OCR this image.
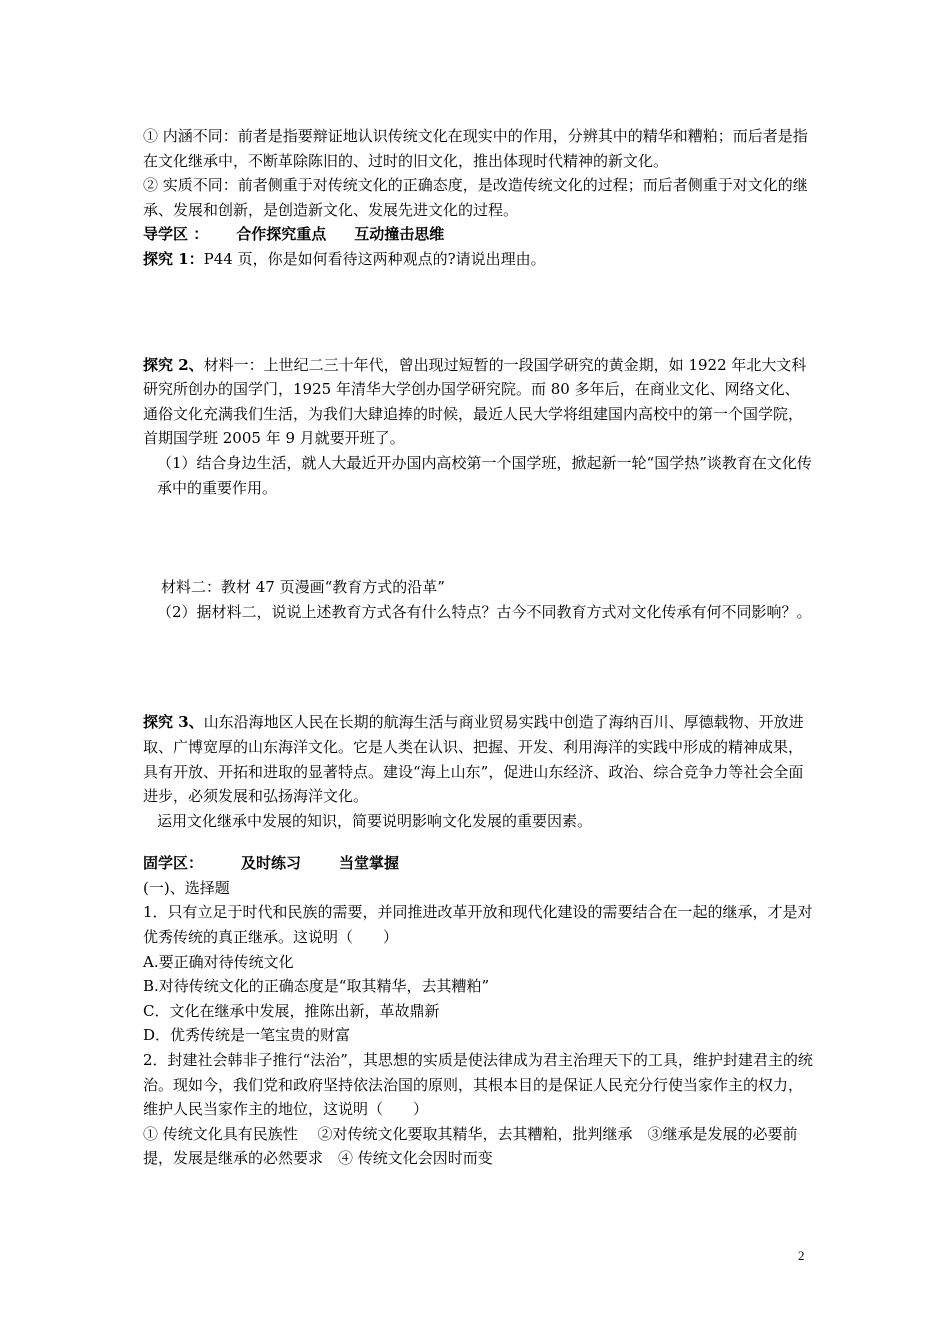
① 内涵不同：前者是指要辩证地认识传统文化在现实中的作用，分辨其中的精华和糟粕；而后者是指在文化继承中，不断革除陈旧的、过时的旧文化，推出体现时代精神的新文化。

② 实质不同：前者侧重于对传统文化的正确态度，是改造传统文化的过程；而后者侧重于对文化的继承、发展和创新，是创造新文化、发展先进文化的过程。

导学区 ： 合作探究重点 互动撞击思维

探究 1：P44 页，你是如何看待这两种观点的?请说出理由。

探究 2、材料一：上世纪二三十年代，曾出现过短暂的一段国学研究的黄金期，如 1922 年北大文科研究所创办的国学门，1925 年清华大学创办国学研究院。而 80 多年后，在商业文化、网络文化、通俗文化充满我们生活，为我们大肆追捧的时候，最近人民大学将组建国内高校中的第一个国学院，首期国学班 2005 年 9 月就要开班了。

（1）结合身边生活，就人大最近开办国内高校第一个国学班，掀起新一轮“国学热”谈教育在文化传承中的重要作用。

材料二：教材 47 页漫画“教育方式的沿革”

（2）据材料二，说说上述教育方式各有什么特点？古今不同教育方式对文化传承有何不同影响？。

探究 3、山东沿海地区人民在长期的航海生活与商业贸易实践中创造了海纳百川、厚德载物、开放进取、广博宽厚的山东海洋文化。它是人类在认识、把握、开发、利用海洋的实践中形成的精神成果，具有开放、开拓和进取的显著特点。建设“海上山东”，促进山东经济、政治、综合竞争力等社会全面进步，必须发展和弘扬海洋文化。

运用文化继承中发展的知识，简要说明影响文化发展的重要因素。

固学区：	及时练习	当堂掌握

(一)、选择题

1．只有立足于时代和民族的需要，并同推进改革开放和现代化建设的需要结合在一起的继承，才是对优秀传统的真正继承。这说明（　　）

A.要正确对待传统文化

B.对待传统文化的正确态度是“取其精华，去其糟粕”

C．文化在继承中发展，推陈出新，革故鼎新

D．优秀传统是一笔宝贵的财富

2．封建社会韩非子推行“法治”，其思想的实质是使法律成为君主治理天下的工具，维护封建君主的统治。现如今，我们党和政府坚持依法治国的原则，其根本目的是保证人民充分行使当家作主的权力，维护人民当家作主的地位，这说明（　　）

① 传统文化具有民族性　 ②对传统文化要取其精华，去其糟粕，批判继承　③继承是发展的必要前提，发展是继承的必然要求　④ 传统文化会因时而变

2
